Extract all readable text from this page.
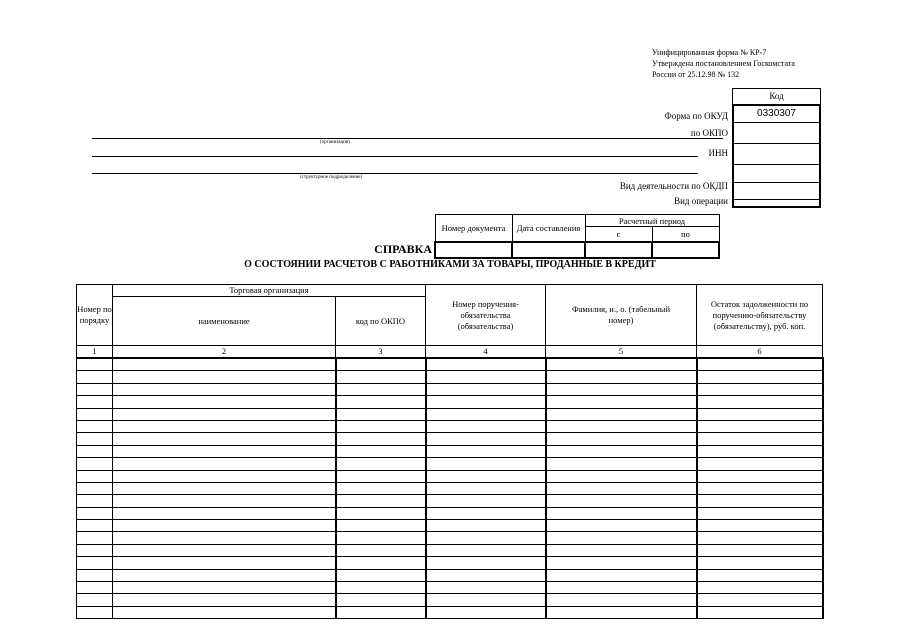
Унифицированная форма № КР-7
Утверждена постановлением Госкомстата
России от 25.12.98 № 132
Код
0330307
Форма по ОКУД
по ОКПО
ИНН
Вид деятельности по ОКДП
Вид операции
(организация)
(структурное подразделение)
Номер документа	Дата составления	Расчетный период	
		с	по

СПРАВКА
О СОСТОЯНИИ РАСЧЕТОВ С РАБОТНИКАМИ ЗА ТОВАРЫ, ПРОДАННЫЕ В КРЕДИТ
Номер по порядку	Торговая организация		Номер поручения-обязательства (обязательства)	Фамилия, и., о. (табельный номер)	Остаток задолженности по поручению-обязательству (обязательству), руб. коп.
	наименование	код по ОКПО			
1	2	3	4	5	6
